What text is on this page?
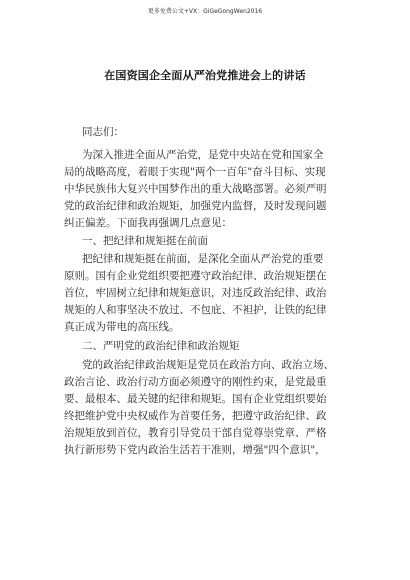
更多免费公文+VX：GiGeGongWen2016
在国资国企全面从严治党推进会上的讲话
同志们：
为深入推进全面从严治党，是党中央站在党和国家全
局的战略高度，着眼于实现"两个一百年"奋斗目标、实现
中华民族伟大复兴中国梦作出的重大战略部署。必须严明
党的政治纪律和政治规矩，加强党内监督，及时发现问题
纠正偏差。下面我再强调几点意见：
一、把纪律和规矩挺在前面
把纪律和规矩挺在前面，是深化全面从严治党的重要
原则。国有企业党组织要把遵守政治纪律、政治规矩摆在
首位，牢固树立纪律和规矩意识，对违反政治纪律、政治
规矩的人和事坚决不放过、不包庇、不袒护，让铁的纪律
真正成为带电的高压线。
二、严明党的政治纪律和政治规矩
党的政治纪律政治规矩是党员在政治方向、政治立场、
政治言论、政治行动方面必须遵守的刚性约束，是党最重
要、最根本、最关键的纪律和规矩。国有企业党组织要始
终把维护党中央权威作为首要任务，把遵守政治纪律、政
治规矩放到首位，教育引导党员干部自觉尊崇党章、严格
执行新形势下党内政治生活若干准则，增强"四个意识"，
